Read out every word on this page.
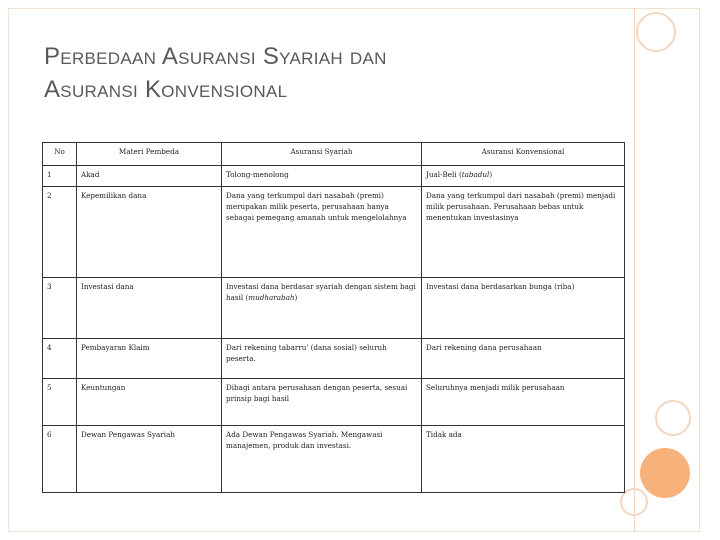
Perbedaan Asuransi Syariah dan
Asuransi Konvensional
No	Materi Pembeda	Asuransi Syariah	Asuransi Konvensional
1	Akad	Tolong-menolong	Jual-Beli (tabadul)
2	Kepemilikan dana	Dana yang terkumpul dari nasabah (premi) merupakan milik peserta, perusahaan hanya sebagai pemegang amanah untuk mengelolahnya	Dana yang terkumpul dari nasabah (premi) menjadi milik perusahaan. Perusahaan bebas untuk menentukan investasinya
3	Investasi dana	Investasi dana berdasar syariah dengan sistem bagi hasil (mudharabah)	Investasi dana berdasarkan bunga (riba)
4	Pembayaran Klaim	Dari rekening tabarru' (dana sosial) seluruh peserta.	Dari rekening dana perusahaan
5	Keuntungan	Dibagi antara perusahaan dengan peserta, sesuai prinsip bagi hasil	Seluruhnya menjadi milik perusahaan
6	Dewan Pengawas Syariah	Ada Dewan Pengawas Syariah. Mengawasi manajemen, produk dan investasi.	Tidak ada
